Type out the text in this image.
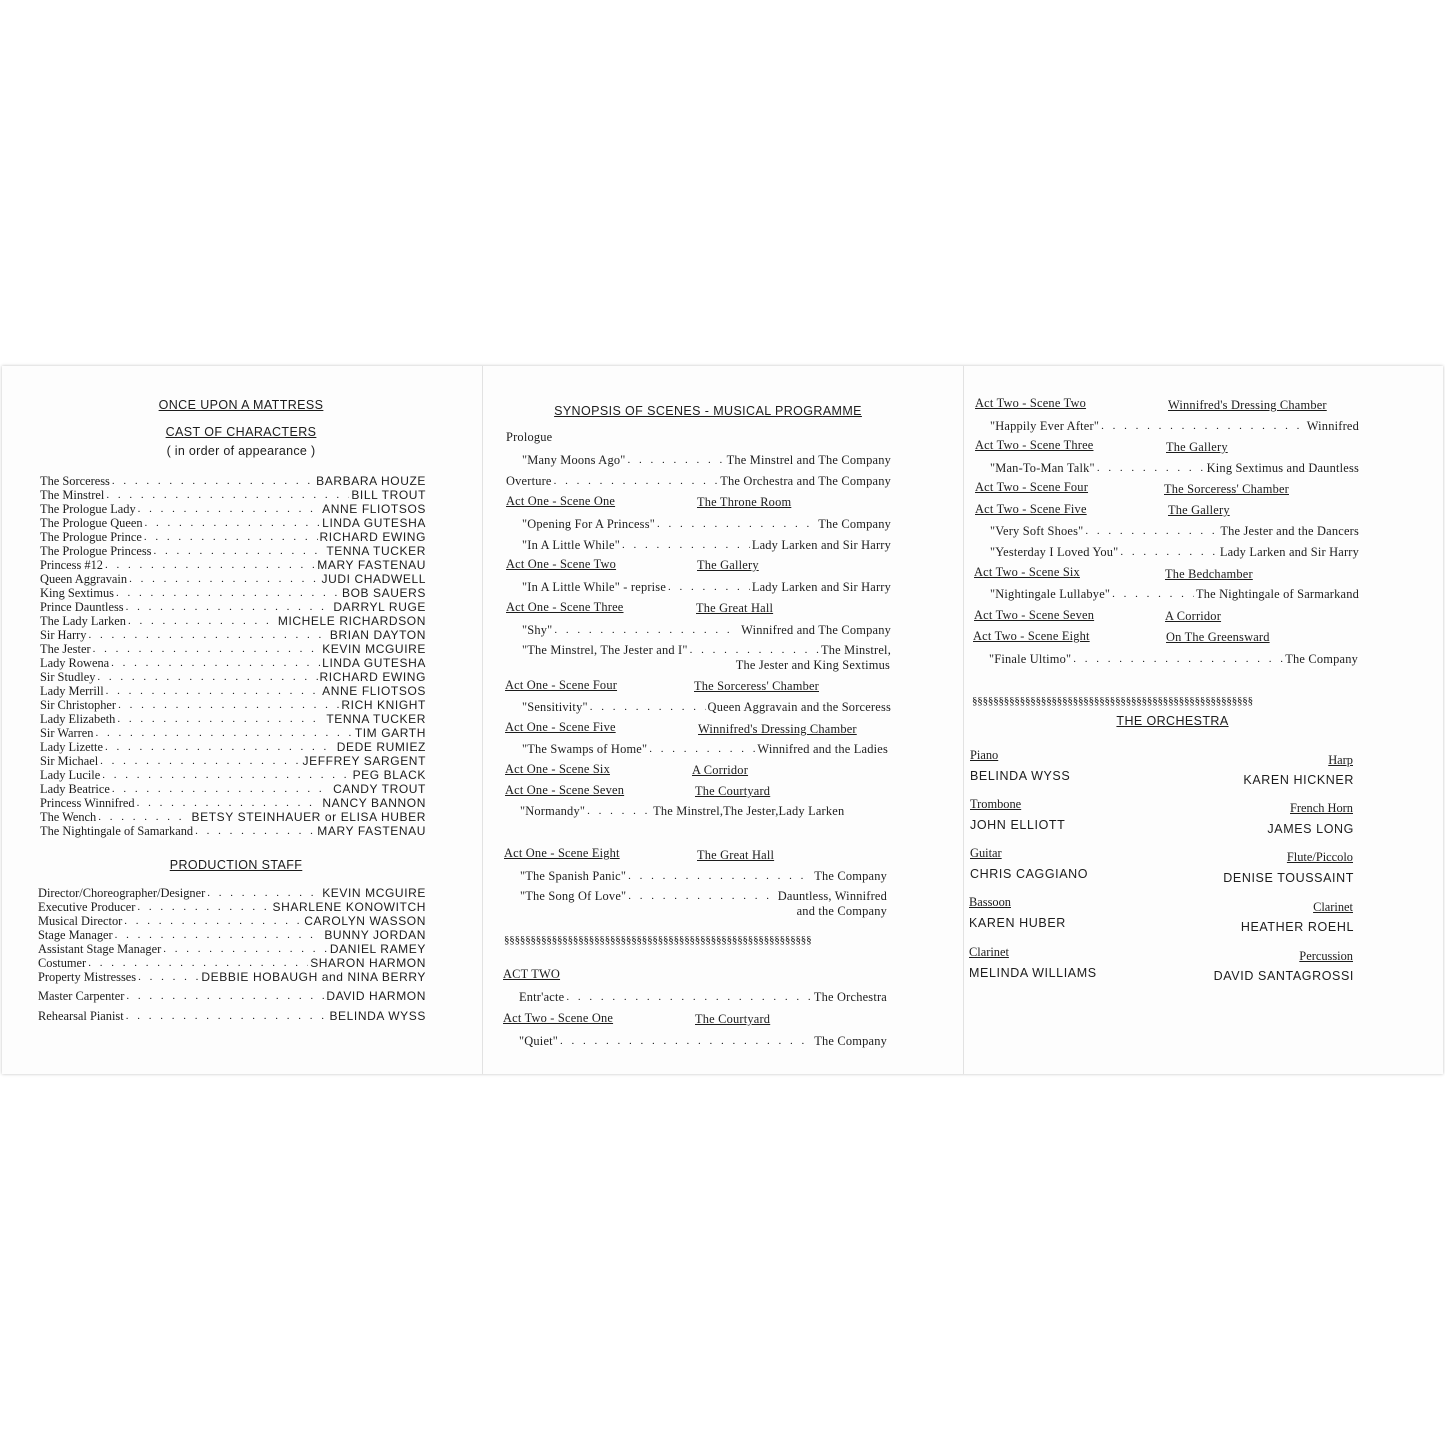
ONCE UPON A MATTRESS
CAST OF CHARACTERS
( in order of appearance )
The Sorceress . . .	BARBARA HOUZE
The Minstrel . . .	BILL TROUT
The Prologue Lady . . .	ANNE FLIOTSOS
The Prologue Queen . . .	LINDA GUTESHA
The Prologue Prince . . .	RICHARD EWING
The Prologue Princess . . .	TENNA TUCKER
Princess #12 . . .	MARY FASTENAU
Queen Aggravain . . .	JUDI CHADWELL
King Sextimus . . .	BOB SAUERS
Prince Dauntless . . .	DARRYL RUGE
The Lady Larken . . .	MICHELE RICHARDSON
Sir Harry . . .	BRIAN DAYTON
The Jester . . .	KEVIN MCGUIRE
Lady Rowena . . .	LINDA GUTESHA
Sir Studley . . .	RICHARD EWING
Lady Merrill . . .	ANNE FLIOTSOS
Sir Christopher . . .	RICH KNIGHT
Lady Elizabeth . . .	TENNA TUCKER
Sir Warren . . .	TIM GARTH
Lady Lizette . . .	DEDE RUMIEZ
Sir Michael . . .	JEFFREY SARGENT
Lady Lucile . . .	PEG BLACK
Lady Beatrice . . .	CANDY TROUT
Princess Winnifred . . .	NANCY BANNON
The Wench . . .	BETSY STEINHAUER or ELISA HUBER
The Nightingale of Samarkand . . .	MARY FASTENAU
PRODUCTION STAFF
Director/Choreographer/Designer . . .	KEVIN MCGUIRE
Executive Producer . . .	SHARLENE KONOWITCH
Musical Director . . .	CAROLYN WASSON
Stage Manager . . .	BUNNY JORDAN
Assistant Stage Manager . . .	DANIEL RAMEY
Costumer . . .	SHARON HARMON
Property Mistresses . . .	DEBBIE HOBAUGH and NINA BERRY
Master Carpenter . . .	DAVID HARMON
Rehearsal Pianist . . .	BELINDA WYSS
SYNOPSIS OF SCENES - MUSICAL PROGRAMME
Prologue
"Many Moons Ago" . . .	The Minstrel and The Company
Overture . . .	The Orchestra and The Company
Act One - Scene One	The Throne Room
"Opening For A Princess" . . .	The Company
"In A Little While" . . .	Lady Larken and Sir Harry
Act One - Scene Two	The Gallery
"In A Little While" - reprise . . .	Lady Larken and Sir Harry
Act One - Scene Three	The Great Hall
"Shy" . . .	Winnifred and The Company
"The Minstrel, The Jester and I" . . .	The Minstrel,
The Jester and King Sextimus
Act One - Scene Four	The Sorceress' Chamber
"Sensitivity" . . .	Queen Aggravain and the Sorceress
Act One - Scene Five	Winnifred's Dressing Chamber
"The Swamps of Home" . . .	Winnifred and the Ladies
Act One - Scene Six	A Corridor
Act One - Scene Seven	The Courtyard
"Normandy" . . .	The Minstrel,The Jester,Lady Larken
Act One - Scene Eight	The Great Hall
"The Spanish Panic" . . .	The Company
"The Song Of Love" . . .	Dauntless, Winnifred
and the Company
§§§§§§§§§§§§§§§§§§§§§§§§§§§§§§§§§§§§§§§§§§§§§§§§§§§§§§§§§§
ACT TWO
Entr'acte . . .	The Orchestra
Act Two - Scene One	The Courtyard
"Quiet" . . .	The Company
Act Two - Scene Two	Winnifred's Dressing Chamber
"Happily Ever After" . . .	Winnifred
Act Two - Scene Three	The Gallery
"Man-To-Man Talk" . . .	King Sextimus and Dauntless
Act Two - Scene Four	The Sorceress' Chamber
Act Two - Scene Five	The Gallery
"Very Soft Shoes" . . .	The Jester and the Dancers
"Yesterday I Loved You" . . .	Lady Larken and Sir Harry
Act Two - Scene Six	The Bedchamber
"Nightingale Lullabye" . . .	The Nightingale of Sarmarkand
Act Two - Scene Seven	A Corridor
Act Two - Scene Eight	On The Greensward
"Finale Ultimo" . . .	The Company
§§§§§§§§§§§§§§§§§§§§§§§§§§§§§§§§§§§§§§§§§§§§§§§§§§§§§
THE ORCHESTRA
Piano
BELINDA WYSS
Trombone
JOHN ELLIOTT
Guitar
CHRIS CAGGIANO
Bassoon
KAREN HUBER
Clarinet
MELINDA WILLIAMS
Harp
KAREN HICKNER
French Horn
JAMES LONG
Flute/Piccolo
DENISE TOUSSAINT
Clarinet
HEATHER ROEHL
Percussion
DAVID SANTAGROSSI
